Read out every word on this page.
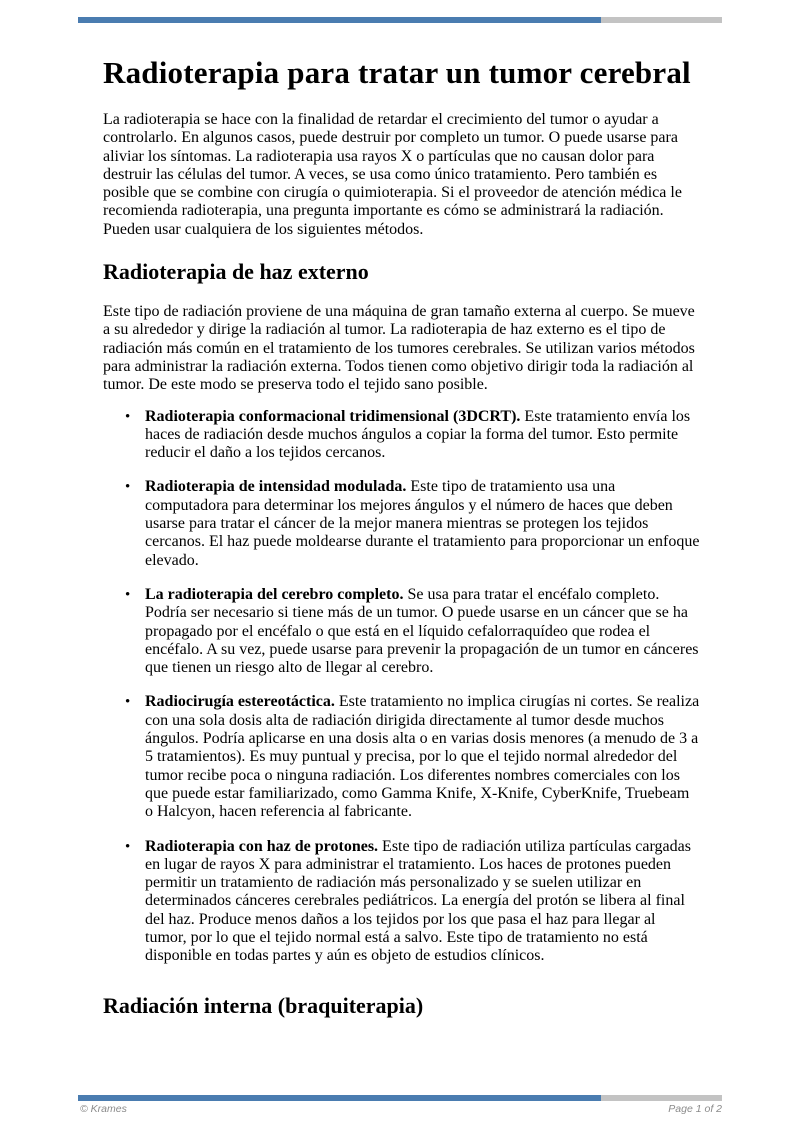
Radioterapia para tratar un tumor cerebral

La radioterapia se hace con la finalidad de retardar el crecimiento del tumor o ayudar a controlarlo. En algunos casos, puede destruir por completo un tumor. O puede usarse para aliviar los síntomas. La radioterapia usa rayos X o partículas que no causan dolor para destruir las células del tumor. A veces, se usa como único tratamiento. Pero también es posible que se combine con cirugía o quimioterapia. Si el proveedor de atención médica le recomienda radioterapia, una pregunta importante es cómo se administrará la radiación. Pueden usar cualquiera de los siguientes métodos.

Radioterapia de haz externo

Este tipo de radiación proviene de una máquina de gran tamaño externa al cuerpo. Se mueve a su alrededor y dirige la radiación al tumor. La radioterapia de haz externo es el tipo de radiación más común en el tratamiento de los tumores cerebrales. Se utilizan varios métodos para administrar la radiación externa. Todos tienen como objetivo dirigir toda la radiación al tumor. De este modo se preserva todo el tejido sano posible.

• Radioterapia conformacional tridimensional (3DCRT). Este tratamiento envía los haces de radiación desde muchos ángulos a copiar la forma del tumor. Esto permite reducir el daño a los tejidos cercanos.
• Radioterapia de intensidad modulada. Este tipo de tratamiento usa una computadora para determinar los mejores ángulos y el número de haces que deben usarse para tratar el cáncer de la mejor manera mientras se protegen los tejidos cercanos. El haz puede moldearse durante el tratamiento para proporcionar un enfoque elevado.
• La radioterapia del cerebro completo. Se usa para tratar el encéfalo completo. Podría ser necesario si tiene más de un tumor. O puede usarse en un cáncer que se ha propagado por el encéfalo o que está en el líquido cefalorraquídeo que rodea el encéfalo. A su vez, puede usarse para prevenir la propagación de un tumor en cánceres que tienen un riesgo alto de llegar al cerebro.
• Radiocirugía estereotáctica. Este tratamiento no implica cirugías ni cortes. Se realiza con una sola dosis alta de radiación dirigida directamente al tumor desde muchos ángulos. Podría aplicarse en una dosis alta o en varias dosis menores (a menudo de 3 a 5 tratamientos). Es muy puntual y precisa, por lo que el tejido normal alrededor del tumor recibe poca o ninguna radiación. Los diferentes nombres comerciales con los que puede estar familiarizado, como Gamma Knife, X-Knife, CyberKnife, Truebeam o Halcyon, hacen referencia al fabricante.
• Radioterapia con haz de protones. Este tipo de radiación utiliza partículas cargadas en lugar de rayos X para administrar el tratamiento. Los haces de protones pueden permitir un tratamiento de radiación más personalizado y se suelen utilizar en determinados cánceres cerebrales pediátricos. La energía del protón se libera al final del haz. Produce menos daños a los tejidos por los que pasa el haz para llegar al tumor, por lo que el tejido normal está a salvo. Este tipo de tratamiento no está disponible en todas partes y aún es objeto de estudios clínicos.
Radiación interna (braquiterapia)
© Krames	Page 1 of 2
